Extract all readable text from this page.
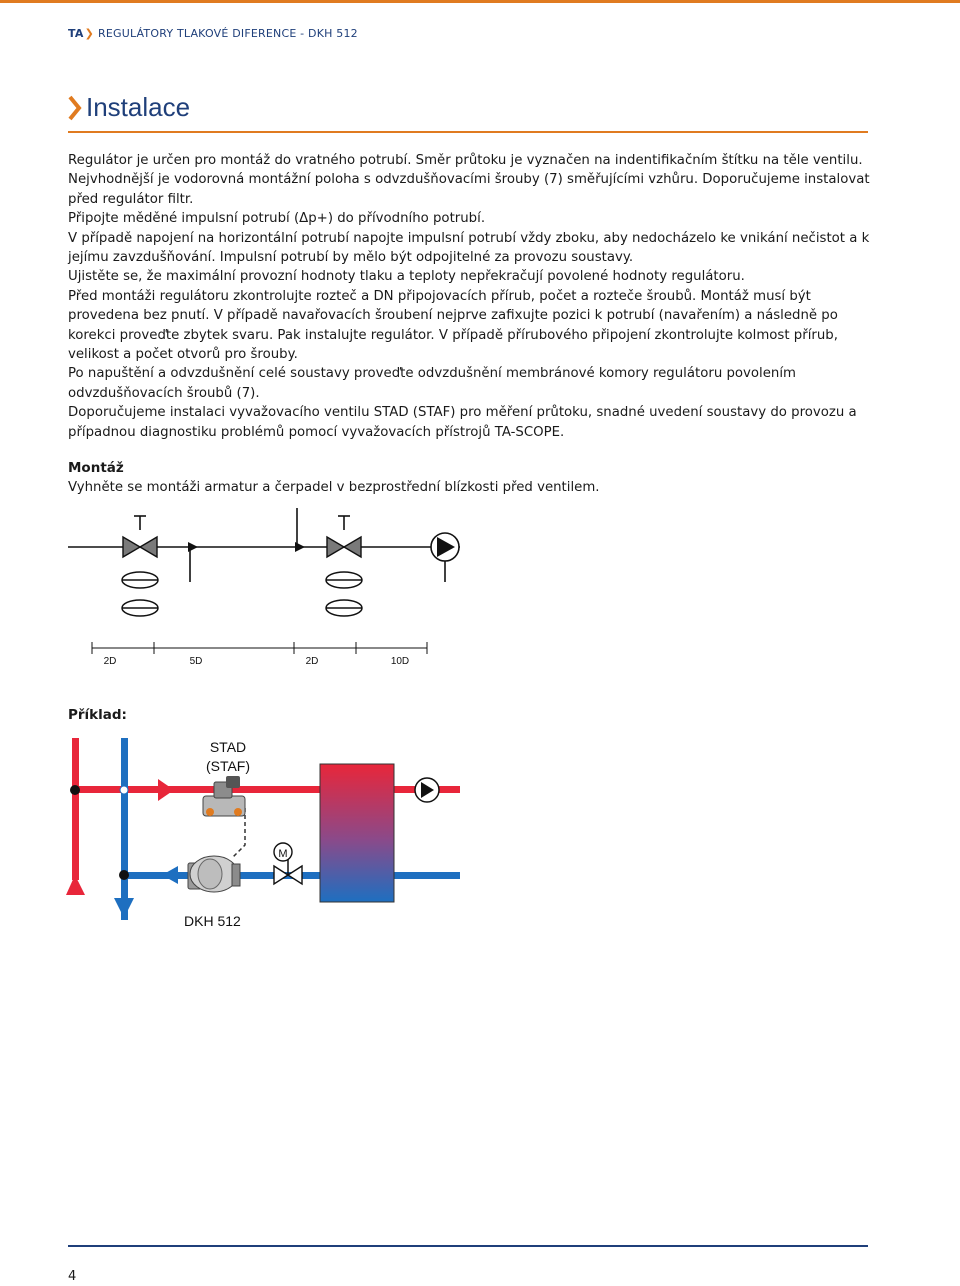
TA❯ REGULÁTORY TLAKOVÉ DIFERENCE - DKH 512
Instalace

Regulátor je určen pro montáž do vratného potrubí. Směr průtoku je vyznačen na indentifikačním štítku na těle ventilu. Nejvhodnější je vodorovná montážní poloha s odvzdušňovacími šrouby (7) směřujícími vzhůru. Doporučujeme instalovat před regulátor filtr.

Připojte měděné impulsní potrubí (Δp+) do přívodního potrubí.

V případě napojení na horizontální potrubí napojte impulsní potrubí vždy zboku, aby nedocházelo ke vnikání nečistot a k jejímu zavzdušňování. Impulsní potrubí by mělo být odpojitelné za provozu soustavy.

Ujistěte se, že maximální provozní hodnoty tlaku a teploty nepřekračují povolené hodnoty regulátoru.

Před montáži regulátoru zkontrolujte rozteč a DN připojovacích přírub, počet a rozteče šroubů. Montáž musí být provedena bez pnutí. V případě navařovacích šroubení nejprve zafixujte pozici k potrubí (navařením) a následně po korekci proveďte zbytek svaru. Pak instalujte regulátor. V případě přírubového připojení zkontrolujte kolmost přírub, velikost a počet otvorů pro šrouby.

Po napuštění a odvzdušnění celé soustavy proveďte odvzdušnění membránové komory regulátoru povolením odvzdušňovacích šroubů (7).

Doporučujeme instalaci vyvažovacího ventilu STAD (STAF) pro měření průtoku, snadné uvedení soustavy do provozu a případnou diagnostiku problémů pomocí vyvažovacích přístrojů TA-SCOPE.

Montáž
Vyhněte se montáži armatur a čerpadel v bezprostřední blízkosti před ventilem.
2D	5D	2D	10D
Příklad:
M
STAD
(STAF)
DKH 512
4
